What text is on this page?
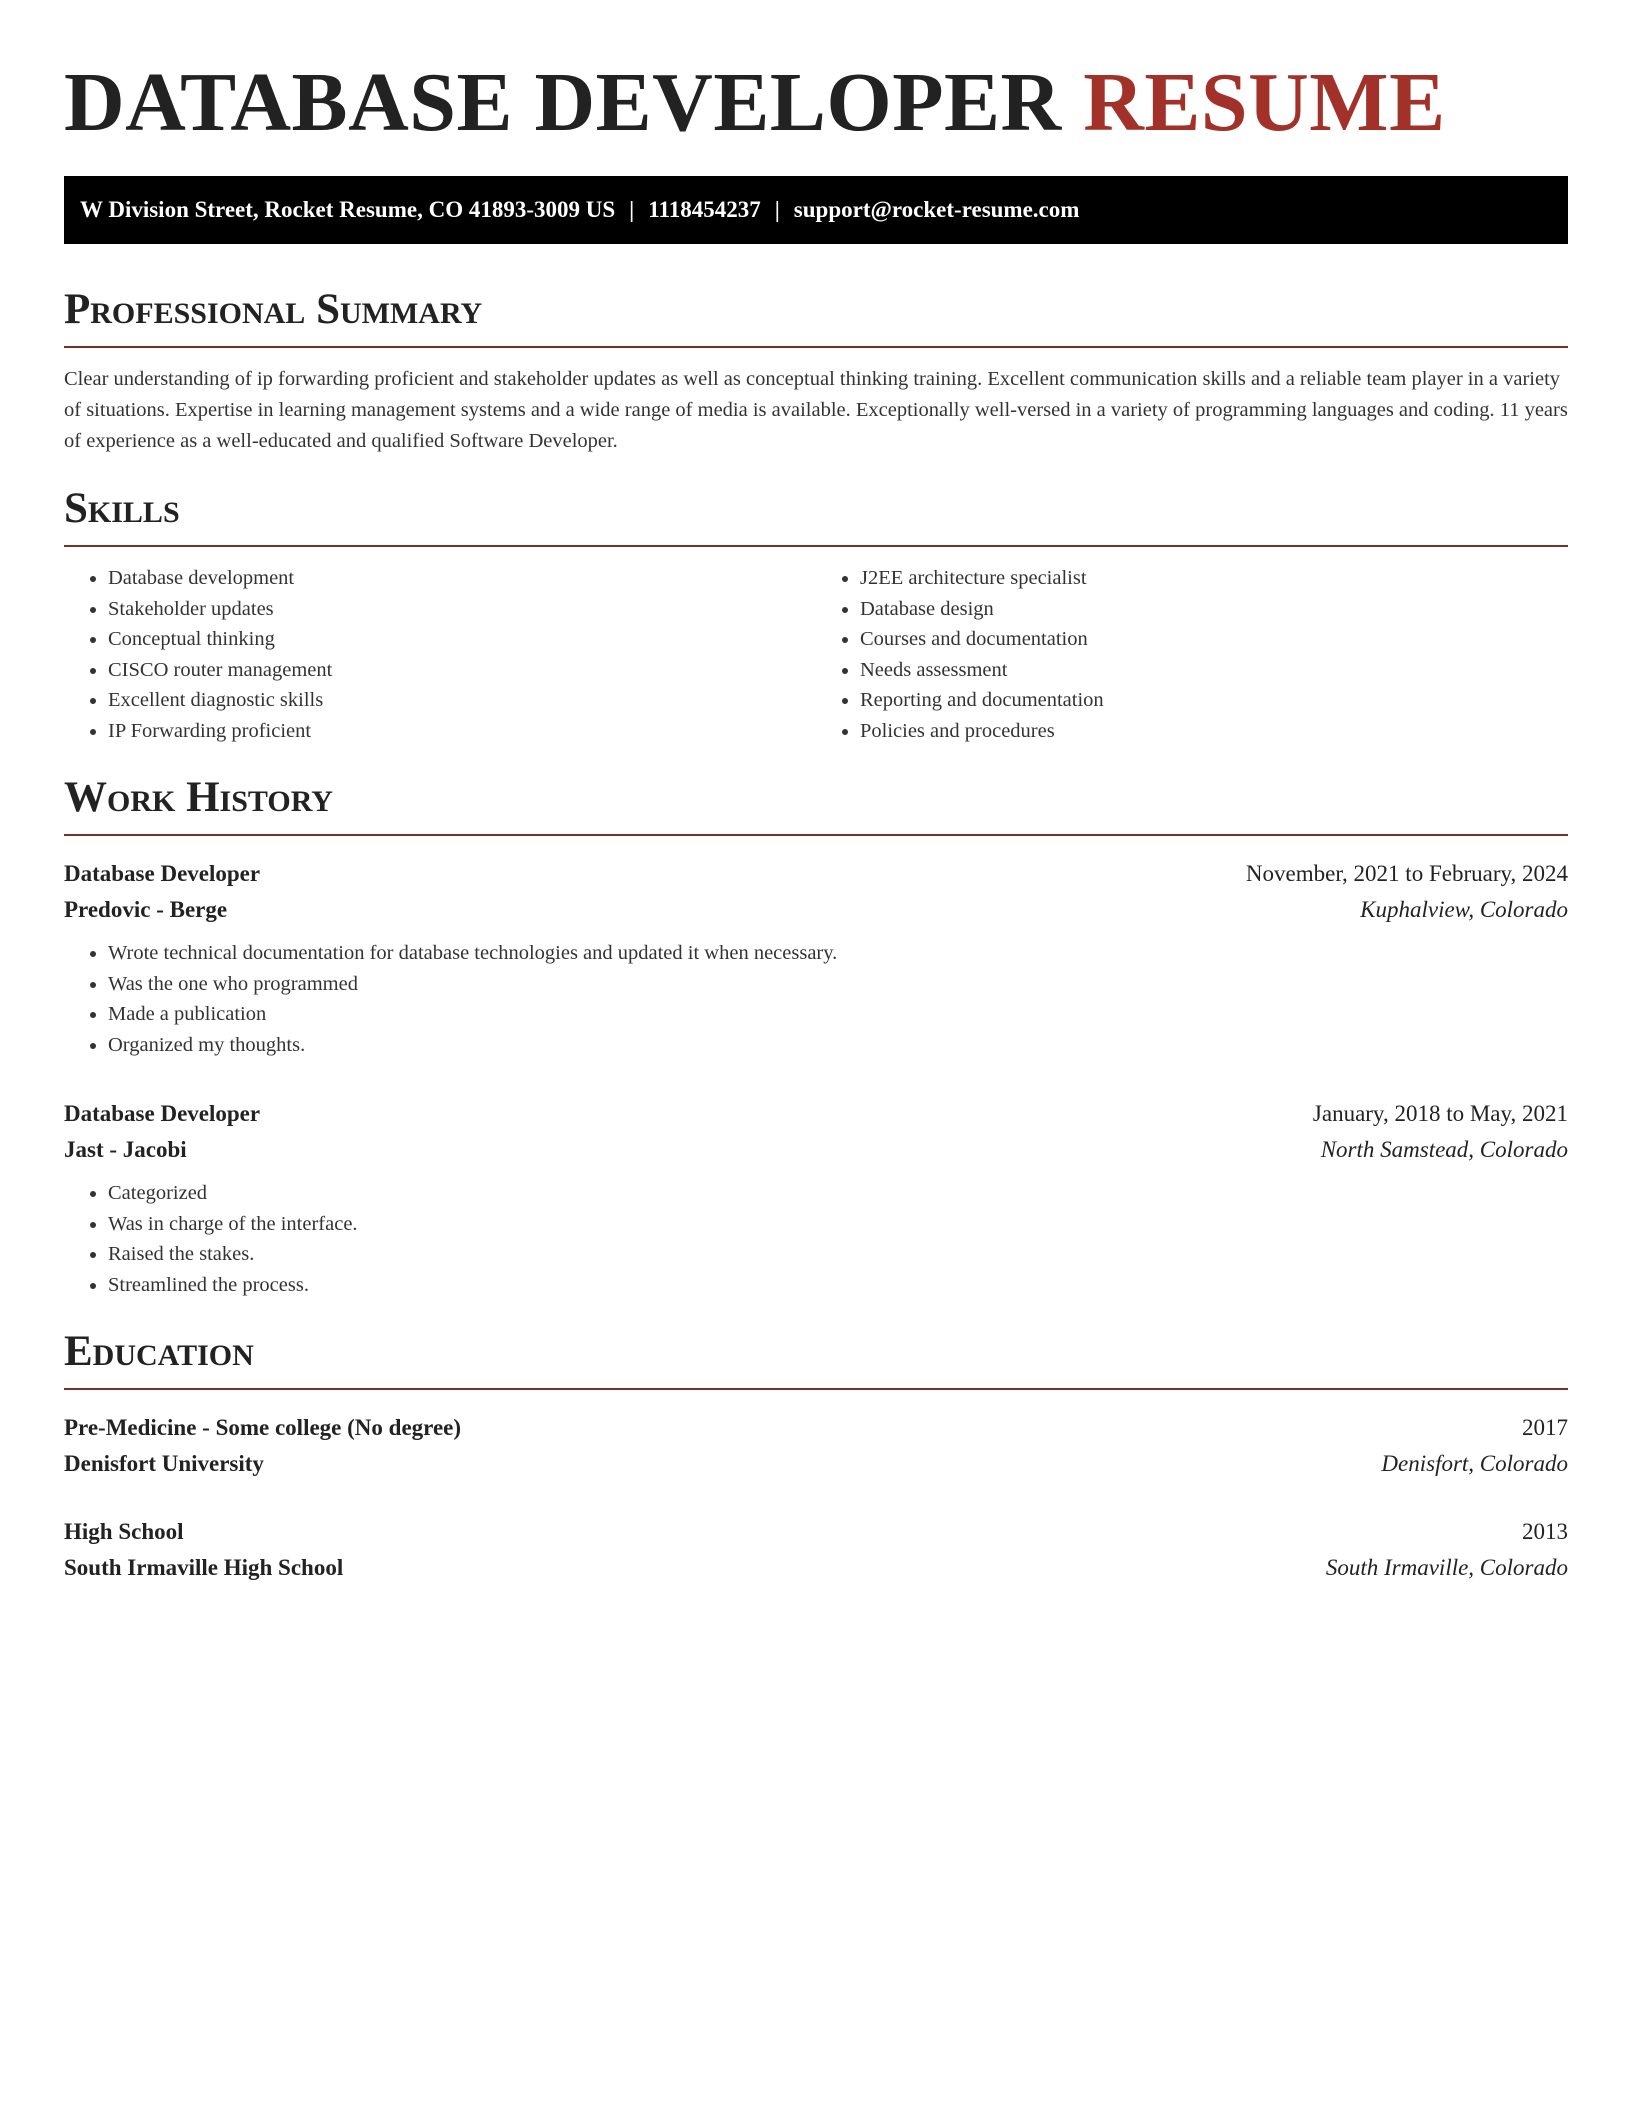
DATABASE DEVELOPER RESUME
W Division Street, Rocket Resume, CO 41893-3009 US | 1118454237 | support@rocket-resume.com
Professional Summary

Clear understanding of ip forwarding proficient and stakeholder updates as well as conceptual thinking training. Excellent communication skills and a reliable team player in a variety of situations. Expertise in learning management systems and a wide range of media is available. Exceptionally well-versed in a variety of programming languages and coding. 11 years of experience as a well-educated and qualified Software Developer.

Skills
• Database development
• Stakeholder updates
• Conceptual thinking
• CISCO router management
• Excellent diagnostic skills
• IP Forwarding proficient
• J2EE architecture specialist
• Database design
• Courses and documentation
• Needs assessment
• Reporting and documentation
• Policies and procedures
Work History
Database Developer	November, 2021 to February, 2024
Predovic - Berge	Kuphalview, Colorado
• Wrote technical documentation for database technologies and updated it when necessary.
• Was the one who programmed
• Made a publication
• Organized my thoughts.
Database Developer	January, 2018 to May, 2021
Jast - Jacobi	North Samstead, Colorado
• Categorized
• Was in charge of the interface.
• Raised the stakes.
• Streamlined the process.
Education
Pre-Medicine - Some college (No degree)	2017
Denisfort University	Denisfort, Colorado
High School	2013
South Irmaville High School	South Irmaville, Colorado
